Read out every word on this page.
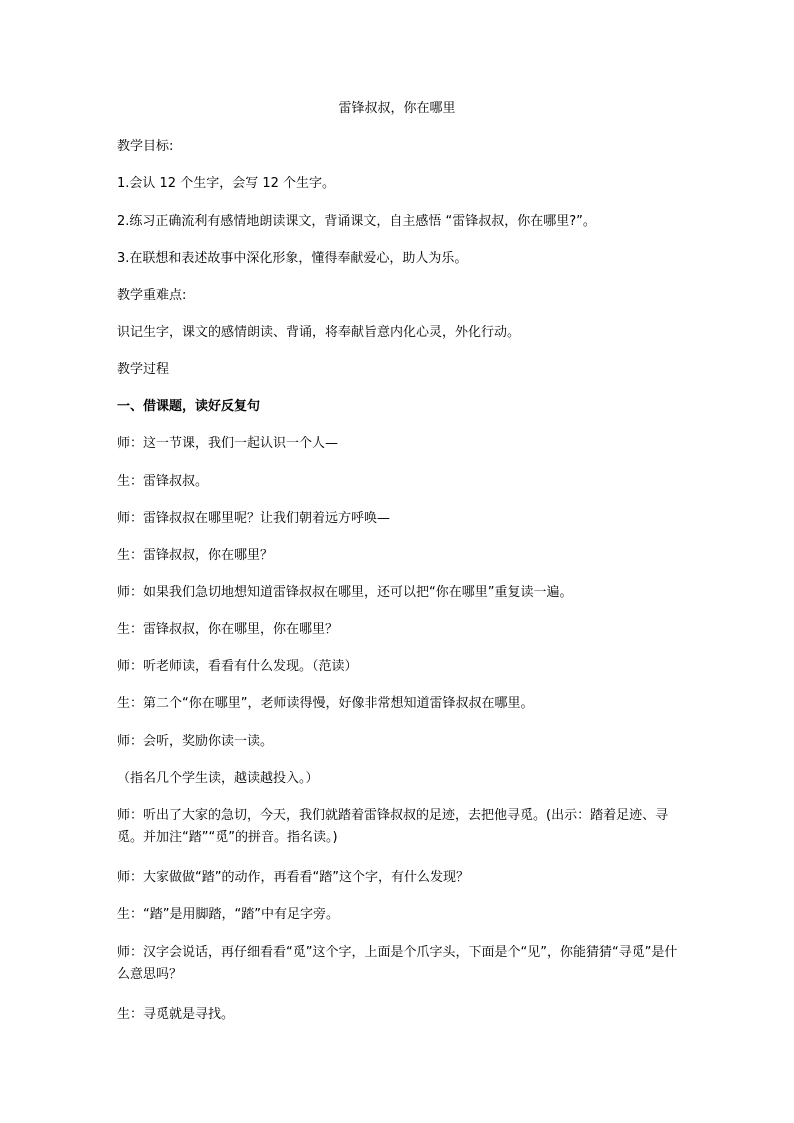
雷锋叔叔，你在哪里
教学目标:
1.会认 12 个生字，会写 12 个生字。
2.练习正确流利有感情地朗读课文，背诵课文，自主感悟 “雷锋叔叔，你在哪里?”。
3.在联想和表述故事中深化形象，懂得奉献爱心，助人为乐。
教学重难点:
识记生字，课文的感情朗读、背诵，将奉献旨意内化心灵，外化行动。
教学过程
一、借课题，读好反复句
师：这一节课，我们一起认识一个人—
生：雷锋叔叔。
师：雷锋叔叔在哪里呢？让我们朝着远方呼唤—
生：雷锋叔叔，你在哪里？
师：如果我们急切地想知道雷锋叔叔在哪里，还可以把“你在哪里”重复读一遍。
生：雷锋叔叔，你在哪里，你在哪里？
师：听老师读，看看有什么发现。（范读）
生：第二个“你在哪里”，老师读得慢，好像非常想知道雷锋叔叔在哪里。
师：会听，奖励你读一读。
（指名几个学生读，越读越投入。）
师：听出了大家的急切，今天，我们就踏着雷锋叔叔的足迹，去把他寻觅。(出示：踏着足迹、寻觅。并加注“踏”“觅”的拼音。指名读。)
师：大家做做“踏”的动作，再看看“踏”这个字，有什么发现？
生：“踏”是用脚踏，“踏”中有足字旁。
师：汉字会说话，再仔细看看“觅”这个字，上面是个爪字头，下面是个“见”，你能猜猜“寻觅”是什么意思吗？
生：寻觅就是寻找。
